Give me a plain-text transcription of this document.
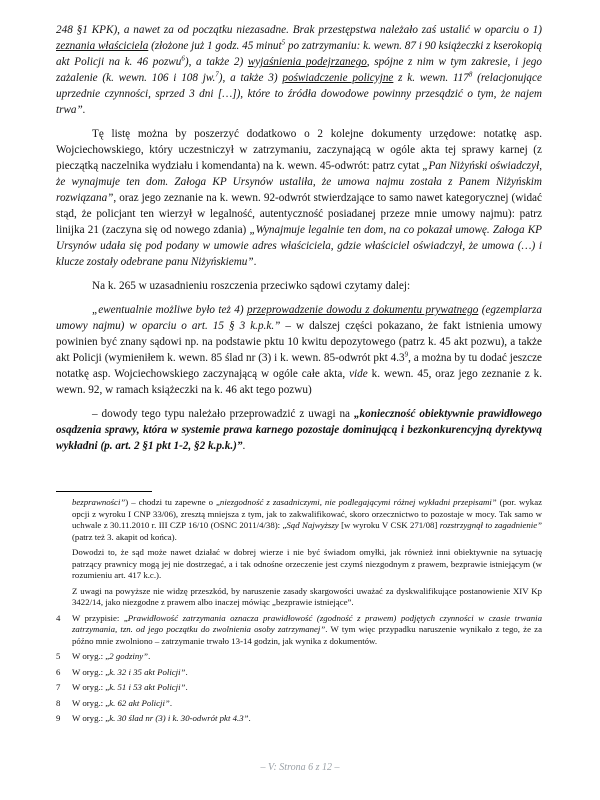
248 §1 KPK), a nawet za od początku niezasadne. Brak przestępstwa należało zaś ustalić w oparciu o 1) zeznania właściciela (złożone już 1 godz. 45 minut$^5$ po zatrzymaniu: k. wewn. 87 i 90 książeczki z kserokopią akt Policji na k. 46 pozwu$^6$), a także 2) wyjaśnienia podejrzanego, spójne z nim w tym zakresie, i jego zażalenie (k. wewn. 106 i 108 jw.$^7$), a także 3) poświadczenie policyjne z k. wewn. $117^8$ (relacjonujące uprzednie czynności, sprzed 3 dni […]), które to źródła dowodowe powinny przesądzić o tym, że najem trwa”.

Tę listę można by poszerzyć dodatkowo o 2 kolejne dokumenty urzędowe: notatkę asp. Wojciechowskiego, który uczestniczył w zatrzymaniu, zaczynającą w ogóle akta tej sprawy karnej (z pieczątką naczelnika wydziału i komendanta) na k. wewn. 45-odwrót: patrz cytat „Pan Niżyński oświadczył, że wynajmuje ten dom. Załoga KP Ursynów ustaliła, że umowa najmu została z Panem Niżyńskim rozwiązana”, oraz jego zeznanie na k. wewn. 92-odwrót stwierdzające to samo nawet kategorycznej (widać stąd, że policjant ten wierzył w legalność, autentyczność posiadanej przeze mnie umowy najmu): patrz linijka 21 (zaczyna się od nowego zdania) „Wynajmuje legalnie ten dom, na co pokazał umowę. Załoga KP Ursynów udała się pod podany w umowie adres właściciela, gdzie właściciel oświadczył, że umowa (…) i klucze zostały odebrane panu Niżyńskiemu”.

Na k. 265 w uzasadnieniu roszczenia przeciwko sądowi czytamy dalej:

„ewentualnie możliwe było też 4) przeprowadzenie dowodu z dokumentu prywatnego (egzemplarza umowy najmu) w oparciu o art. 15 § 3 k.p.k.” – w dalszej części pokazano, że fakt istnienia umowy powinien być znany sądowi np. na podstawie pktu 10 kwitu depozytowego (patrz k. 45 akt pozwu), a także akt Policji (wymieniłem k. wewn. 85 ślad nr (3) i k. wewn. 85-odwrót pkt $4.3^9$, a można by tu dodać jeszcze notatkę asp. Wojciechowskiego zaczynającą w ogóle całe akta, vide k. wewn. 45, oraz jego zeznanie z k. wewn. 92, w ramach książeczki na k. 46 akt tego pozwu)

– dowody tego typu należało przeprowadzić z uwagi na „konieczność obiektywnie prawidłowego osądzenia sprawy, która w systemie prawa karnego pozostaje dominującą i bezkonkurencyjną dyrektywą wykładni (p. art. 2 §1 pkt 1-2, §2 k.p.k.)”.

bezprawności”) – chodzi tu zapewne o „niezgodność z zasadniczymi, nie podlegającymi różnej wykładni przepisami” (por. wykaz opcji z wyroku I CNP 33/06), zresztą mniejsza z tym, jak to zakwalifikować, skoro orzecznictwo to pozostaje w mocy. Tak samo w uchwale z 30.11.2010 r. III CZP 16/10 (OSNC 2011/4/38): „Sąd Najwyższy [w wyroku V CSK 271/08] rozstrzygnął to zagadnienie” (patrz też 3. akapit od końca).

Dowodzi to, że sąd może nawet działać w dobrej wierze i nie być świadom omyłki, jak również inni obiektywnie na sytuację patrzący prawnicy mogą jej nie dostrzegać, a i tak odnośne orzeczenie jest czymś niezgodnym z prawem, bezprawie istniejącym (w rozumieniu art. 417 k.c.).

Z uwagi na powyższe nie widzę przeszkód, by naruszenie zasady skargowości uważać za dyskwalifikujące postanowienie XIV Kp 3422/14, jako niezgodne z prawem albo inaczej mówiąc „bezprawie istniejące”.

4	W przypisie: „Prawidłowość zatrzymania oznacza prawidłowość (zgodność z prawem) podjętych czynności w czasie trwania zatrzymania, tzn. od jego początku do zwolnienia osoby zatrzymanej”. W tym więc przypadku naruszenie wynikało z tego, że za późno mnie zwolniono – zatrzymanie trwało 13-14 godzin, jak wynika z dokumentów.
5	W oryg.: „2 godziny”.
6	W oryg.: „k. 32 i 35 akt Policji”.
7	W oryg.: „k. 51 i 53 akt Policji”.
8	W oryg.: „k. 62 akt Policji”.
9	W oryg.: „k. 30 ślad nr (3) i k. 30-odwrót pkt 4.3”.
– V: Strona 6 z 12 –
